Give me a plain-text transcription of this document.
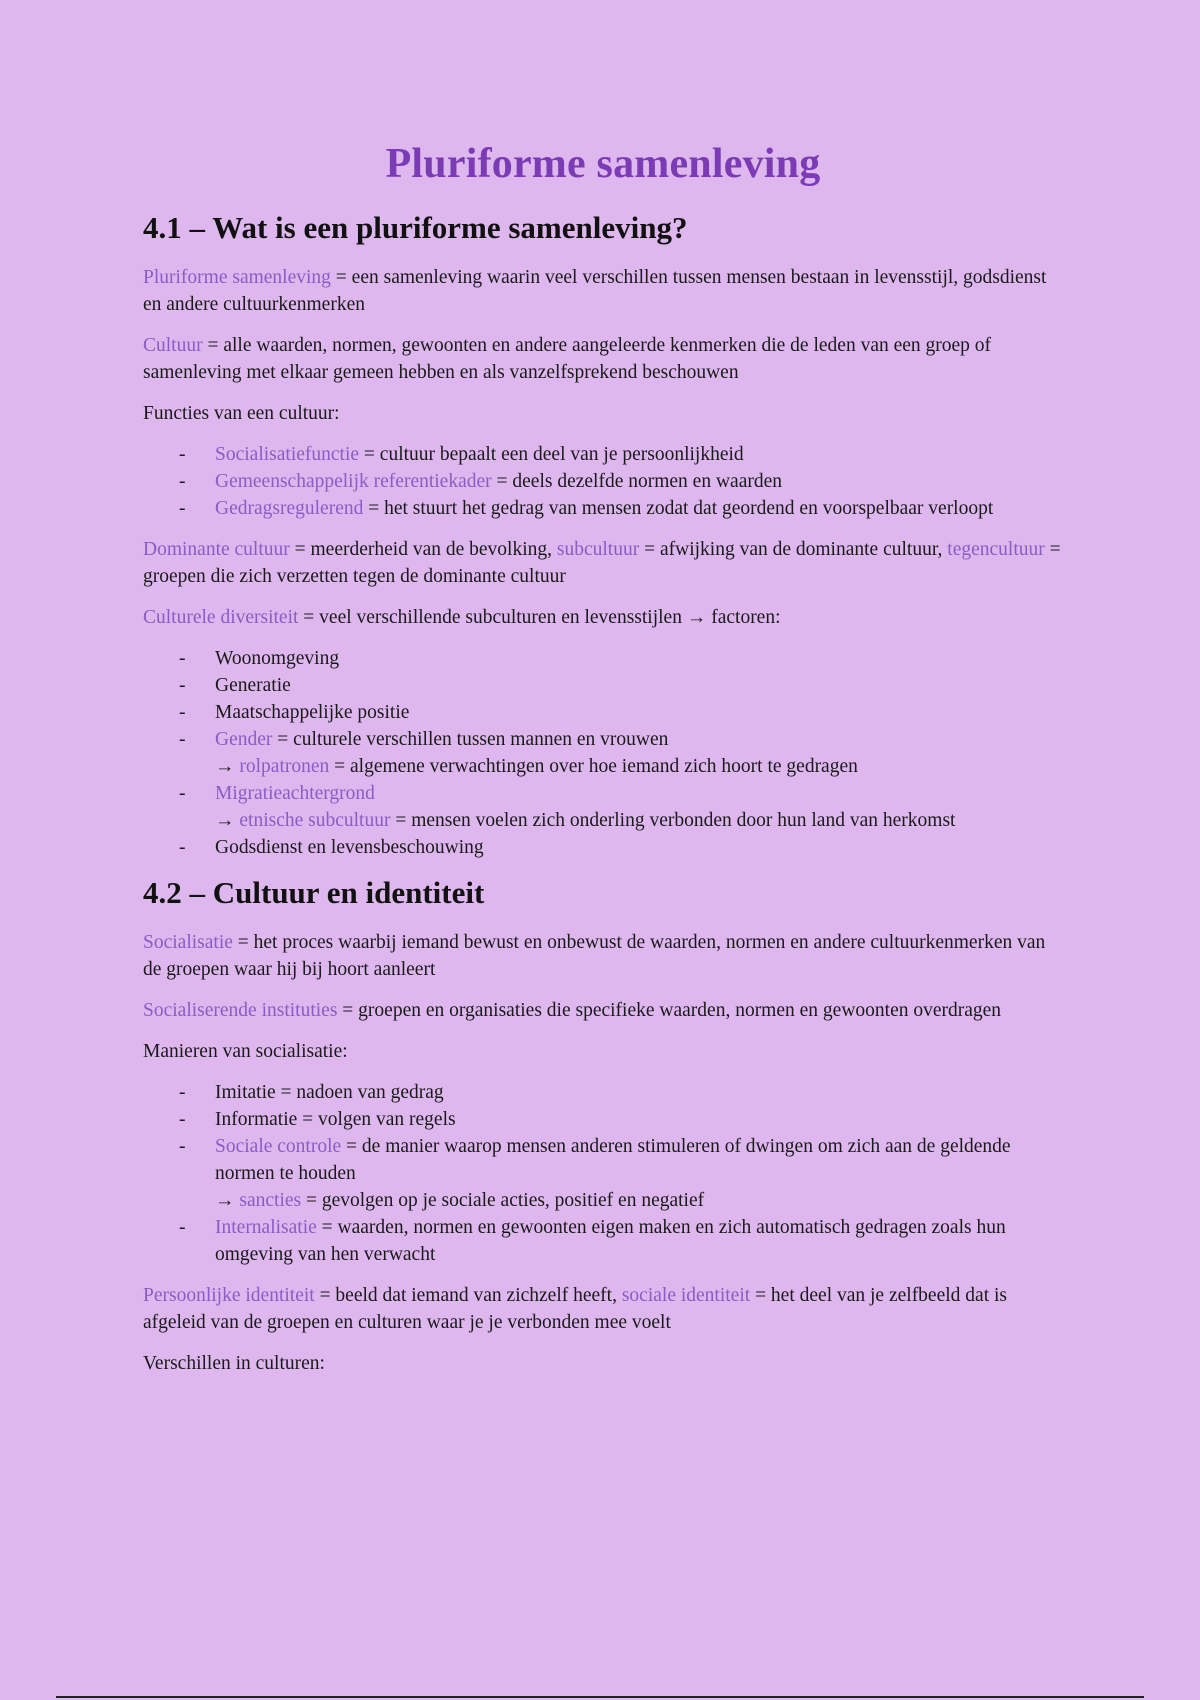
Pluriforme samenleving
4.1 – Wat is een pluriforme samenleving?

Pluriforme samenleving = een samenleving waarin veel verschillen tussen mensen bestaan in levensstijl, godsdienst en andere cultuurkenmerken

Cultuur = alle waarden, normen, gewoonten en andere aangeleerde kenmerken die de leden van een groep of samenleving met elkaar gemeen hebben en als vanzelfsprekend beschouwen

Functies van een cultuur:

- Socialisatiefunctie = cultuur bepaalt een deel van je persoonlijkheid
- Gemeenschappelijk referentiekader = deels dezelfde normen en waarden
- Gedragsregulerend = het stuurt het gedrag van mensen zodat dat geordend en voorspelbaar verloopt

Dominante cultuur = meerderheid van de bevolking, subcultuur = afwijking van de dominante cultuur, tegencultuur = groepen die zich verzetten tegen de dominante cultuur

Culturele diversiteit = veel verschillende subculturen en levensstijlen → factoren:

- Woonomgeving
- Generatie
- Maatschappelijke positie
- Gender = culturele verschillen tussen mannen en vrouwen
→ rolpatronen = algemene verwachtingen over hoe iemand zich hoort te gedragen
- Migratieachtergrond
→ etnische subcultuur = mensen voelen zich onderling verbonden door hun land van herkomst
- Godsdienst en levensbeschouwing
4.2 – Cultuur en identiteit

Socialisatie = het proces waarbij iemand bewust en onbewust de waarden, normen en andere cultuurkenmerken van de groepen waar hij bij hoort aanleert

Socialiserende instituties = groepen en organisaties die specifieke waarden, normen en gewoonten overdragen

Manieren van socialisatie:

- Imitatie = nadoen van gedrag
- Informatie = volgen van regels
- Sociale controle = de manier waarop mensen anderen stimuleren of dwingen om zich aan de geldende normen te houden
→ sancties = gevolgen op je sociale acties, positief en negatief
- Internalisatie = waarden, normen en gewoonten eigen maken en zich automatisch gedragen zoals hun omgeving van hen verwacht

Persoonlijke identiteit = beeld dat iemand van zichzelf heeft, sociale identiteit = het deel van je zelfbeeld dat is afgeleid van de groepen en culturen waar je je verbonden mee voelt

Verschillen in culturen:
